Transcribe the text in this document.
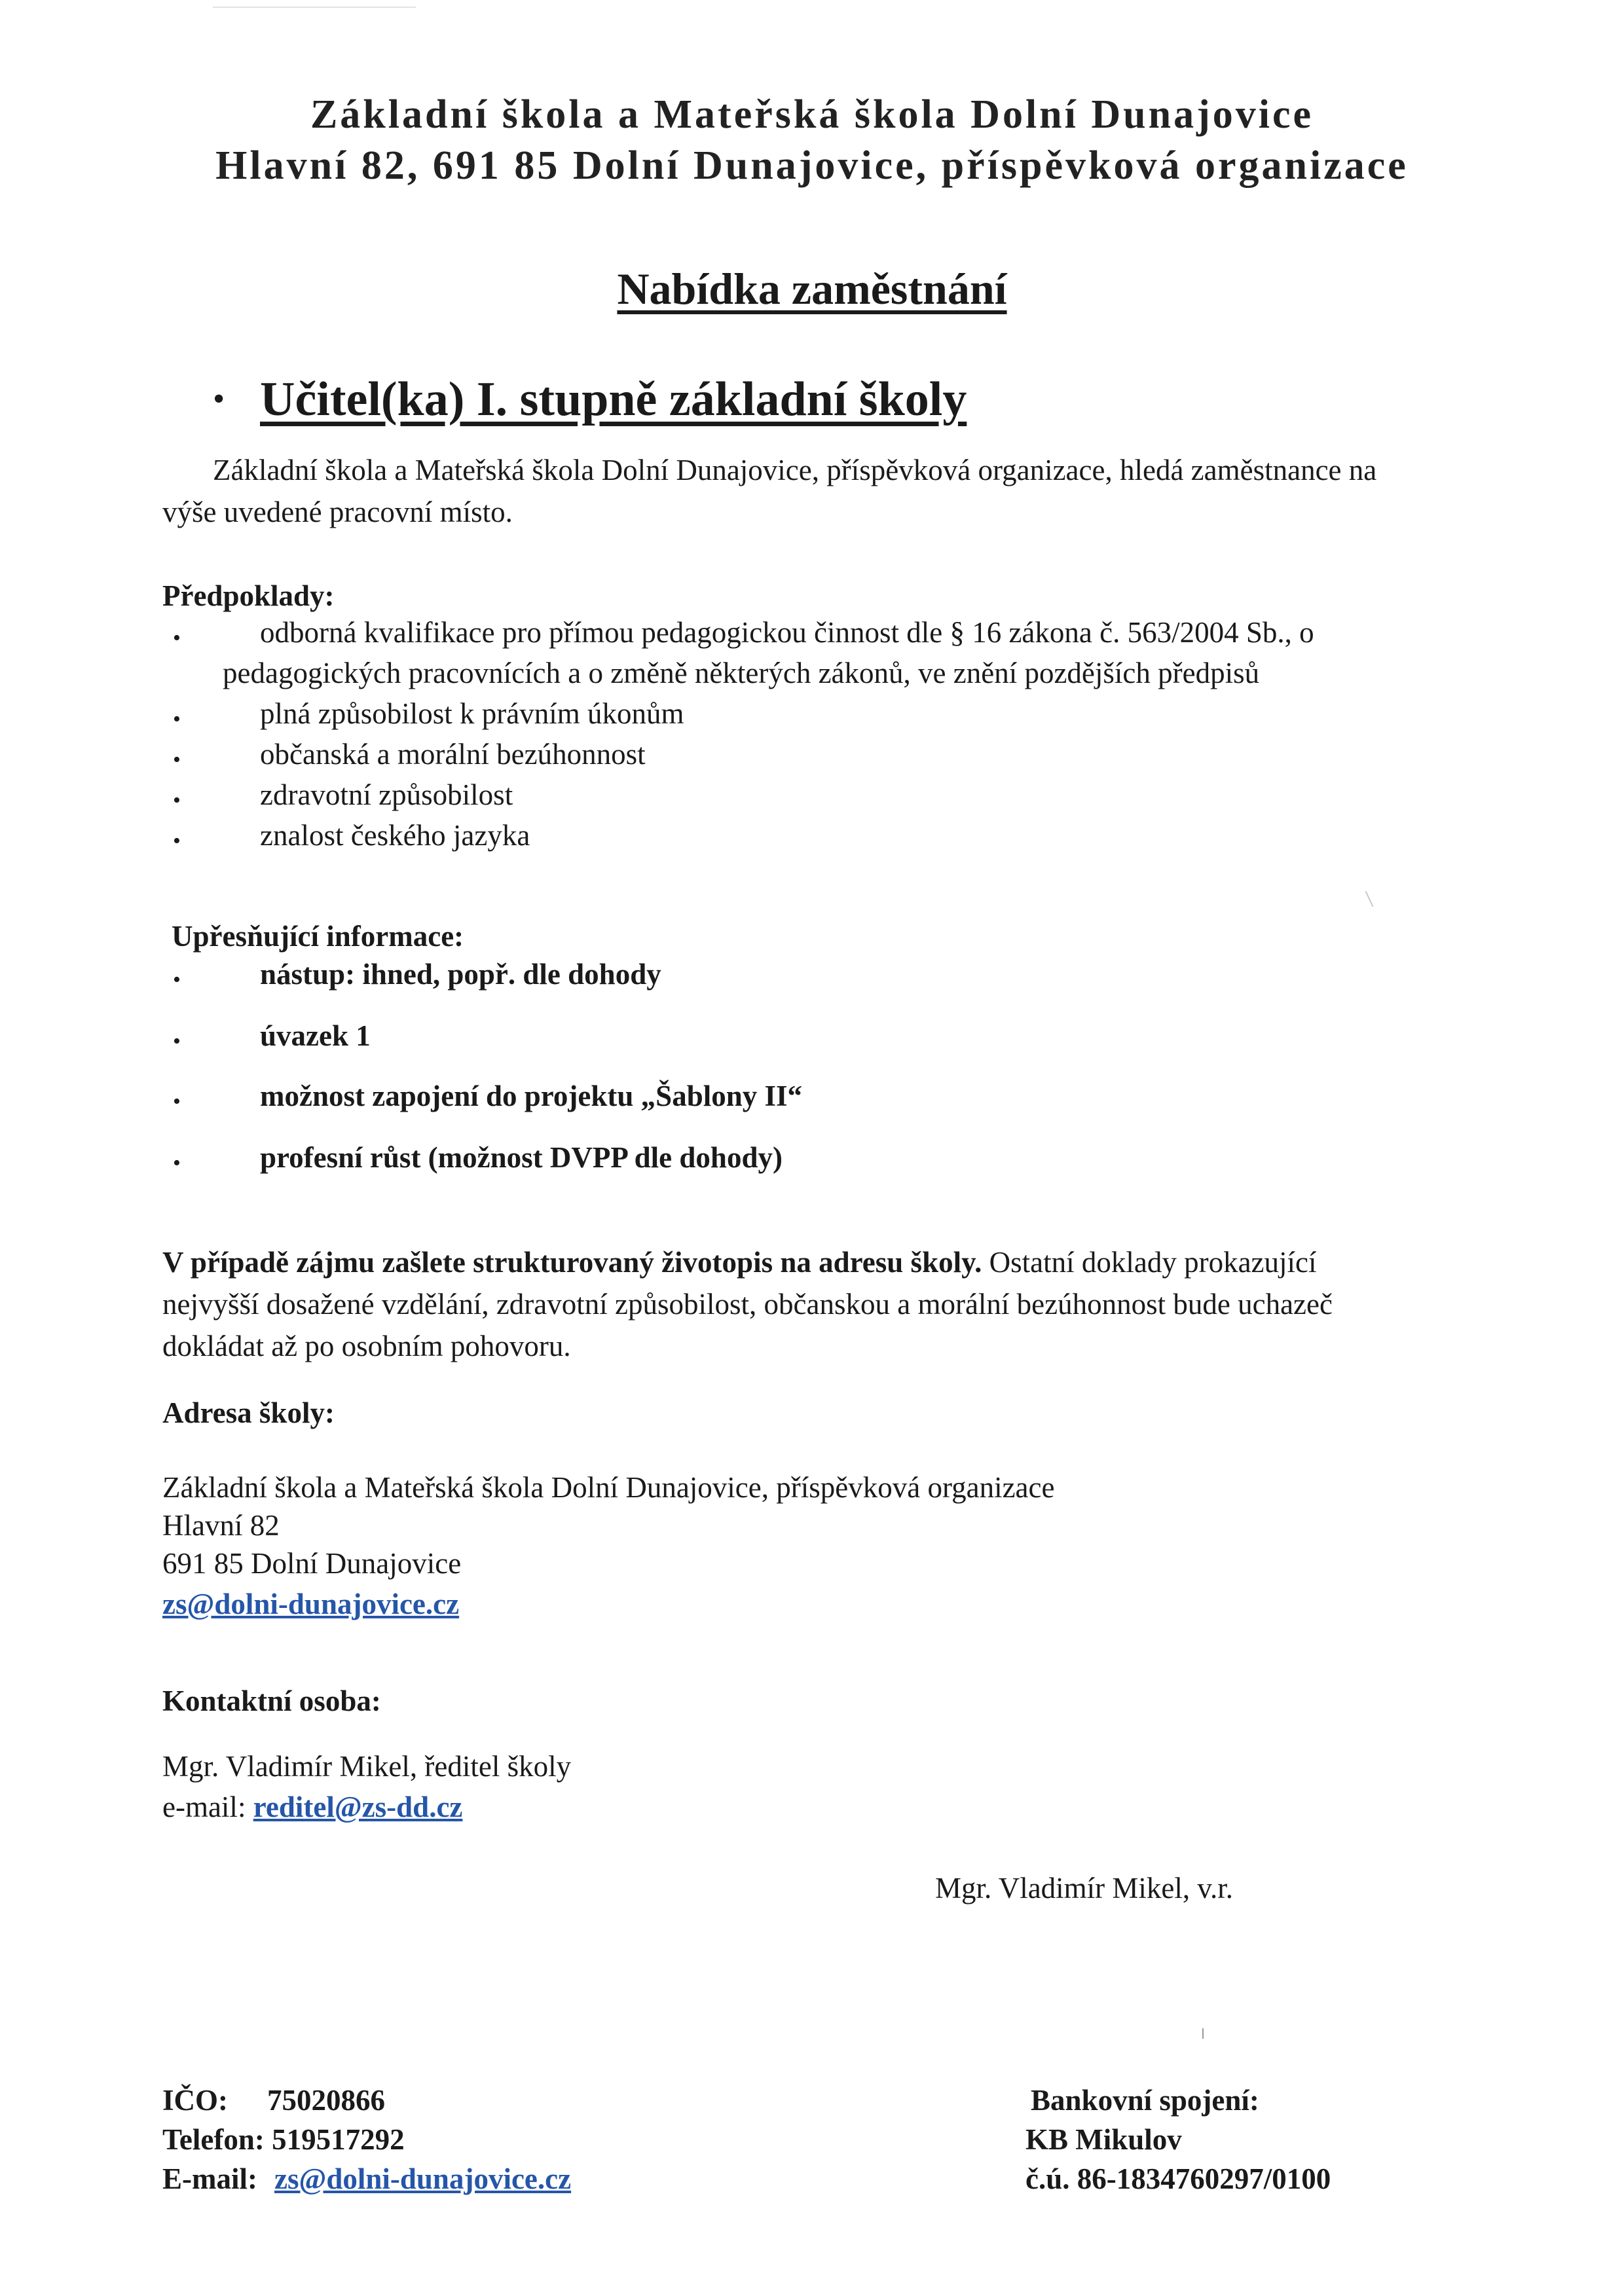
Základní škola a Mateřská škola Dolní Dunajovice
Hlavní 82, 691 85 Dolní Dunajovice, příspěvková organizace
Nabídka zaměstnání
• Učitel(ka) I. stupně základní školy
Základní škola a Mateřská škola Dolní Dunajovice, příspěvková organizace, hledá zaměstnance na
výše uvedené pracovní místo.
Předpoklady:
•	odborná kvalifikace pro přímou pedagogickou činnost dle § 16 zákona č. 563/2004 Sb., o
pedagogických pracovnících a o změně některých zákonů, ve znění pozdějších předpisů
•	plná způsobilost k právním úkonům
•	občanská a morální bezúhonnost
•	zdravotní způsobilost
•	znalost českého jazyka
Upřesňující informace:
•	nástup: ihned, popř. dle dohody
•	úvazek 1
•	možnost zapojení do projektu „Šablony II“
•	profesní růst (možnost DVPP dle dohody)
V případě zájmu zašlete strukturovaný životopis na adresu školy. Ostatní doklady prokazující
nejvyšší dosažené vzdělání, zdravotní způsobilost, občanskou a morální bezúhonnost bude uchazeč
dokládat až po osobním pohovoru.
Adresa školy:
Základní škola a Mateřská škola Dolní Dunajovice, příspěvková organizace
Hlavní 82
691 85 Dolní Dunajovice
zs@dolni-dunajovice.cz
Kontaktní osoba:
Mgr. Vladimír Mikel, ředitel školy
e-mail: reditel@zs-dd.cz
Mgr. Vladimír Mikel, v.r.
IČO: 75020866
Telefon: 519517292
E-mail: zs@dolni-dunajovice.cz
Bankovní spojení:
KB Mikulov
č.ú. 86-1834760297/0100
